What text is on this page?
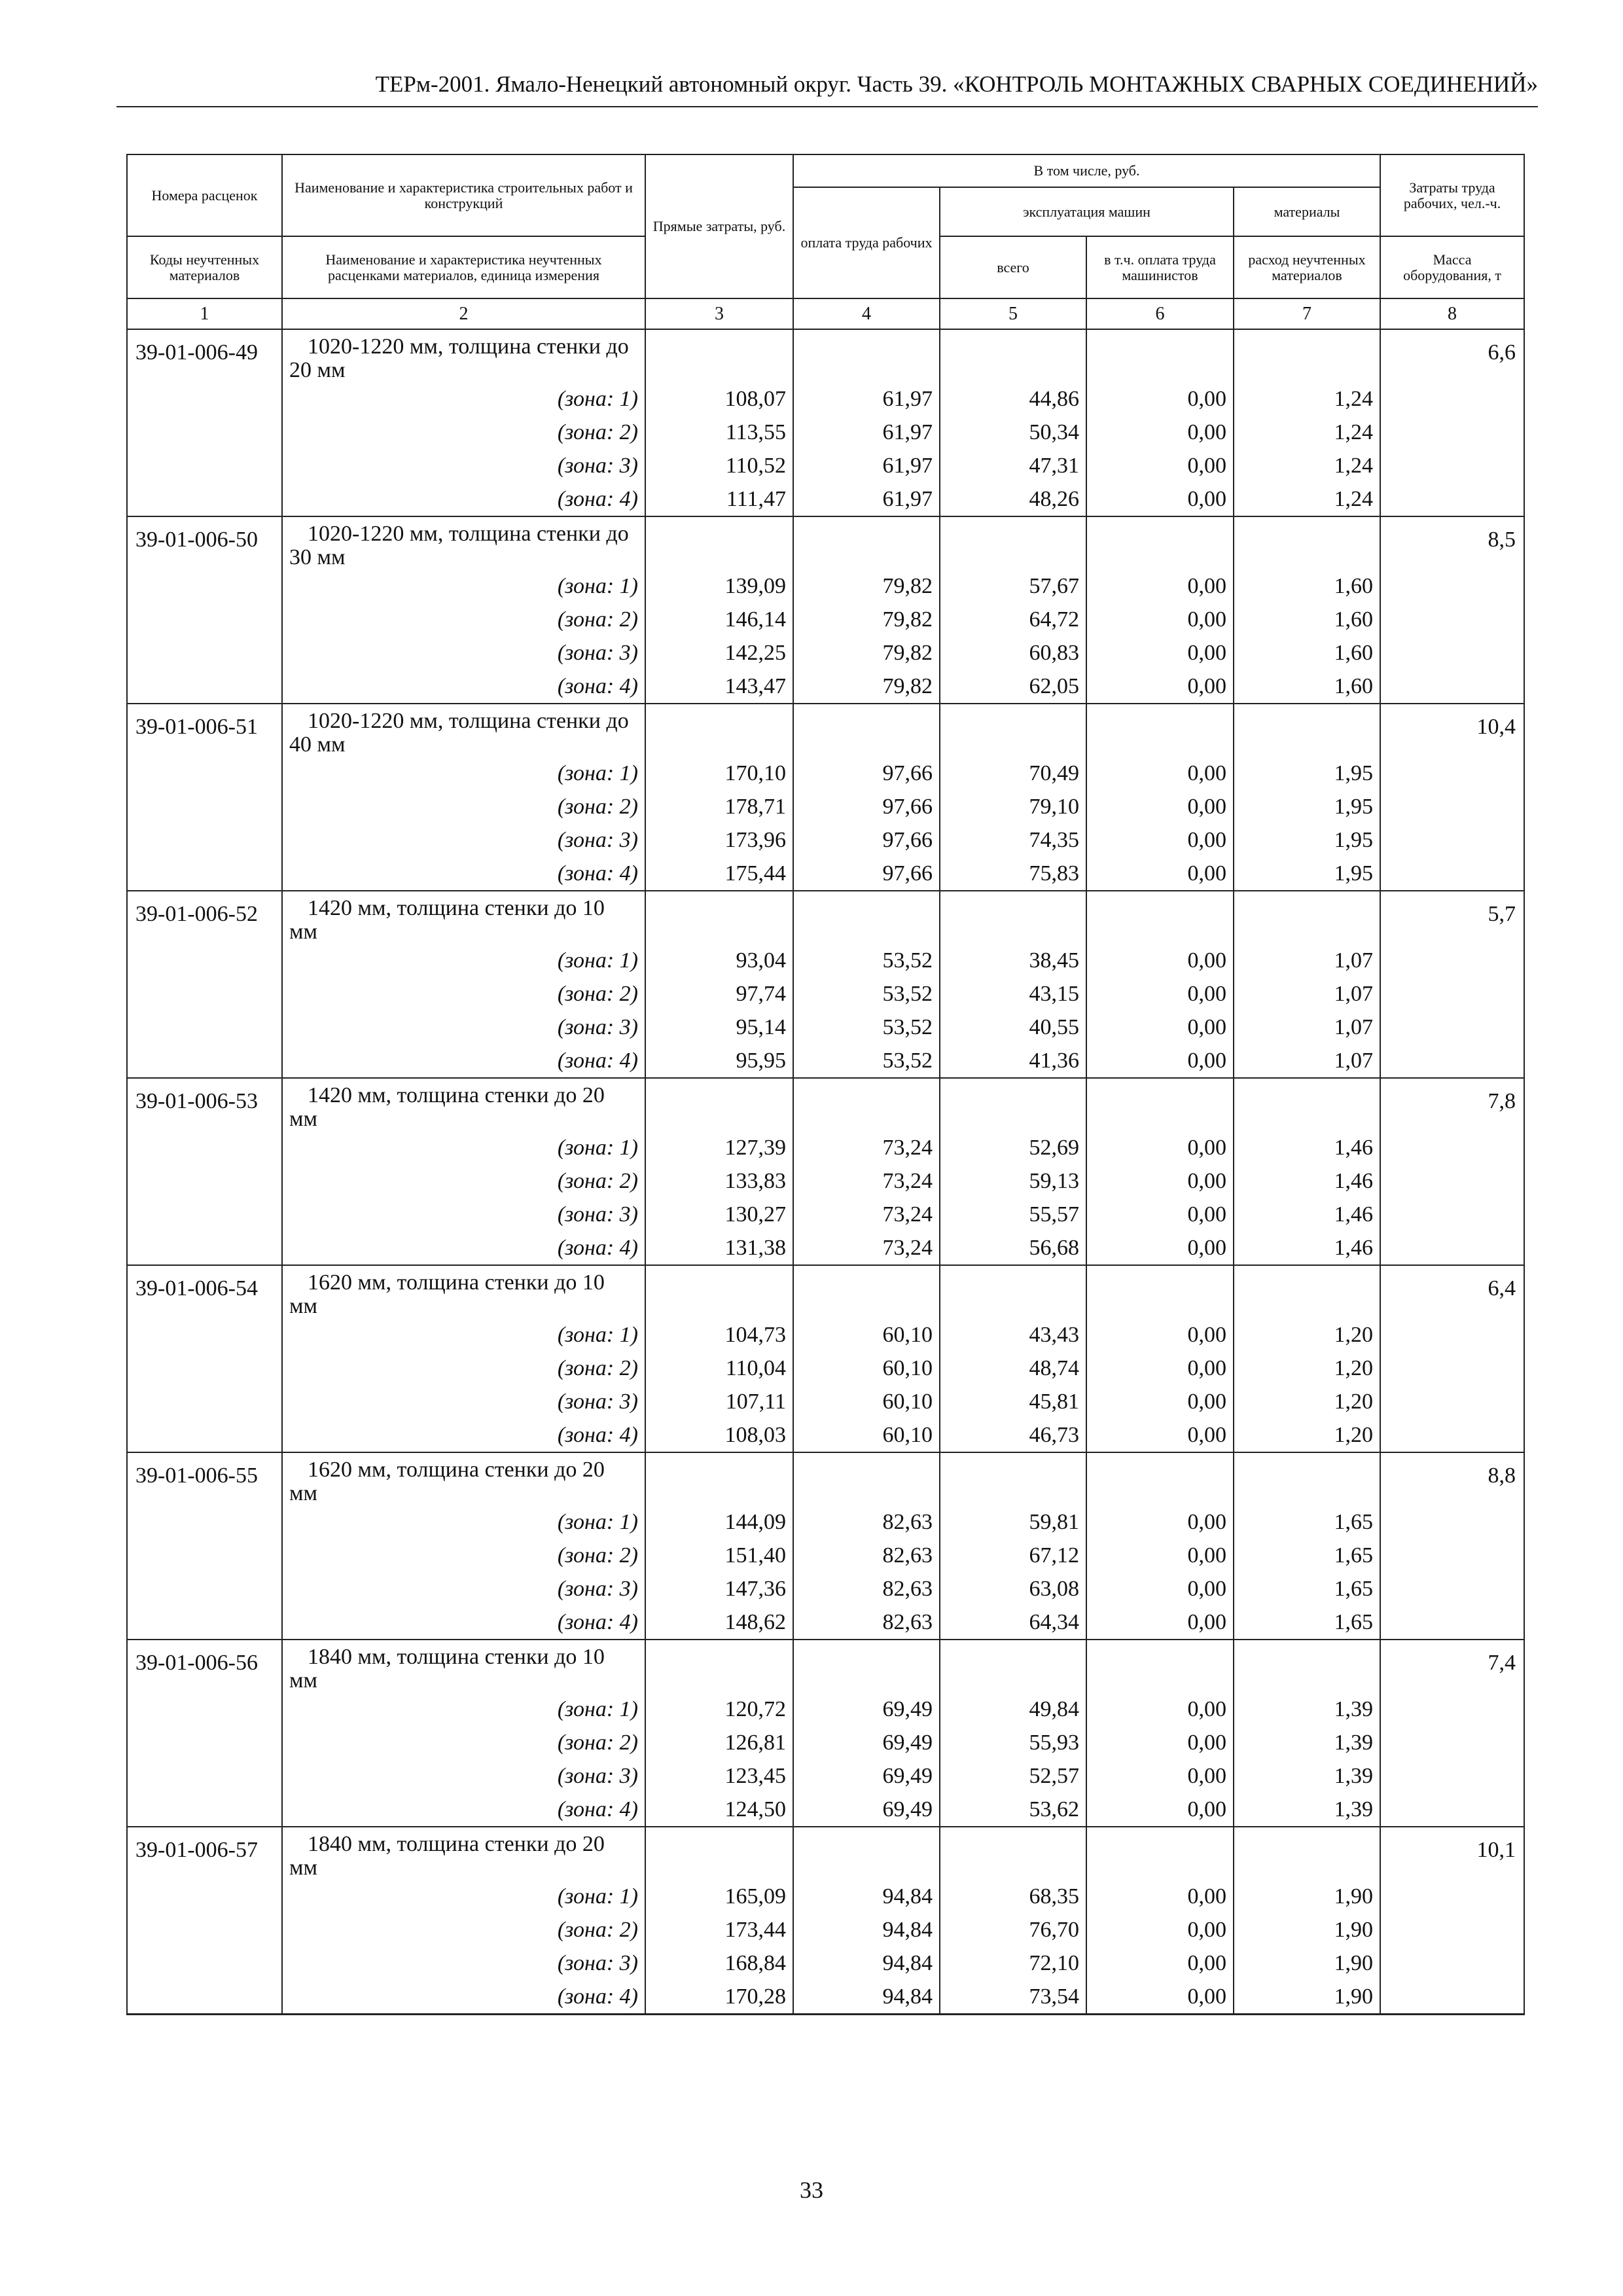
ТЕРм-2001. Ямало-Ненецкий автономный округ. Часть 39. «КОНТРОЛЬ МОНТАЖНЫХ СВАРНЫХ СОЕДИНЕНИЙ»
Номера расценок	Наименование и характеристика строительных работ и конструкций	Прямые затраты, руб.	В том числе, руб.				Затраты труда рабочих, чел.-ч.
			оплата труда рабочих	эксплуатация машин		материалы	
Коды неучтенных материалов	Наименование и характеристика неучтенных расценками материалов, единица измерения			всего	в т.ч. оплата труда машинистов	расход неучтенных материалов	Масса оборудования, т
1	2	3	4	5	6	7	8
39-01-006-49	1020-1220 мм, толщина стенки до 20 мм						6,6
	(зона: 1)	108,07	61,97	44,86	0,00	1,24	
	(зона: 2)	113,55	61,97	50,34	0,00	1,24	
	(зона: 3)	110,52	61,97	47,31	0,00	1,24	
	(зона: 4)	111,47	61,97	48,26	0,00	1,24	
39-01-006-50	1020-1220 мм, толщина стенки до 30 мм						8,5
	(зона: 1)	139,09	79,82	57,67	0,00	1,60	
	(зона: 2)	146,14	79,82	64,72	0,00	1,60	
	(зона: 3)	142,25	79,82	60,83	0,00	1,60	
	(зона: 4)	143,47	79,82	62,05	0,00	1,60	
39-01-006-51	1020-1220 мм, толщина стенки до 40 мм						10,4
	(зона: 1)	170,10	97,66	70,49	0,00	1,95	
	(зона: 2)	178,71	97,66	79,10	0,00	1,95	
	(зона: 3)	173,96	97,66	74,35	0,00	1,95	
	(зона: 4)	175,44	97,66	75,83	0,00	1,95	
39-01-006-52	1420 мм, толщина стенки до 10 мм						5,7
	(зона: 1)	93,04	53,52	38,45	0,00	1,07	
	(зона: 2)	97,74	53,52	43,15	0,00	1,07	
	(зона: 3)	95,14	53,52	40,55	0,00	1,07	
	(зона: 4)	95,95	53,52	41,36	0,00	1,07	
39-01-006-53	1420 мм, толщина стенки до 20 мм						7,8
	(зона: 1)	127,39	73,24	52,69	0,00	1,46	
	(зона: 2)	133,83	73,24	59,13	0,00	1,46	
	(зона: 3)	130,27	73,24	55,57	0,00	1,46	
	(зона: 4)	131,38	73,24	56,68	0,00	1,46	
39-01-006-54	1620 мм, толщина стенки до 10 мм						6,4
	(зона: 1)	104,73	60,10	43,43	0,00	1,20	
	(зона: 2)	110,04	60,10	48,74	0,00	1,20	
	(зона: 3)	107,11	60,10	45,81	0,00	1,20	
	(зона: 4)	108,03	60,10	46,73	0,00	1,20	
39-01-006-55	1620 мм, толщина стенки до 20 мм						8,8
	(зона: 1)	144,09	82,63	59,81	0,00	1,65	
	(зона: 2)	151,40	82,63	67,12	0,00	1,65	
	(зона: 3)	147,36	82,63	63,08	0,00	1,65	
	(зона: 4)	148,62	82,63	64,34	0,00	1,65	
39-01-006-56	1840 мм, толщина стенки до 10 мм						7,4
	(зона: 1)	120,72	69,49	49,84	0,00	1,39	
	(зона: 2)	126,81	69,49	55,93	0,00	1,39	
	(зона: 3)	123,45	69,49	52,57	0,00	1,39	
	(зона: 4)	124,50	69,49	53,62	0,00	1,39	
39-01-006-57	1840 мм, толщина стенки до 20 мм						10,1
	(зона: 1)	165,09	94,84	68,35	0,00	1,90	
	(зона: 2)	173,44	94,84	76,70	0,00	1,90	
	(зона: 3)	168,84	94,84	72,10	0,00	1,90	
	(зона: 4)	170,28	94,84	73,54	0,00	1,90	
33
